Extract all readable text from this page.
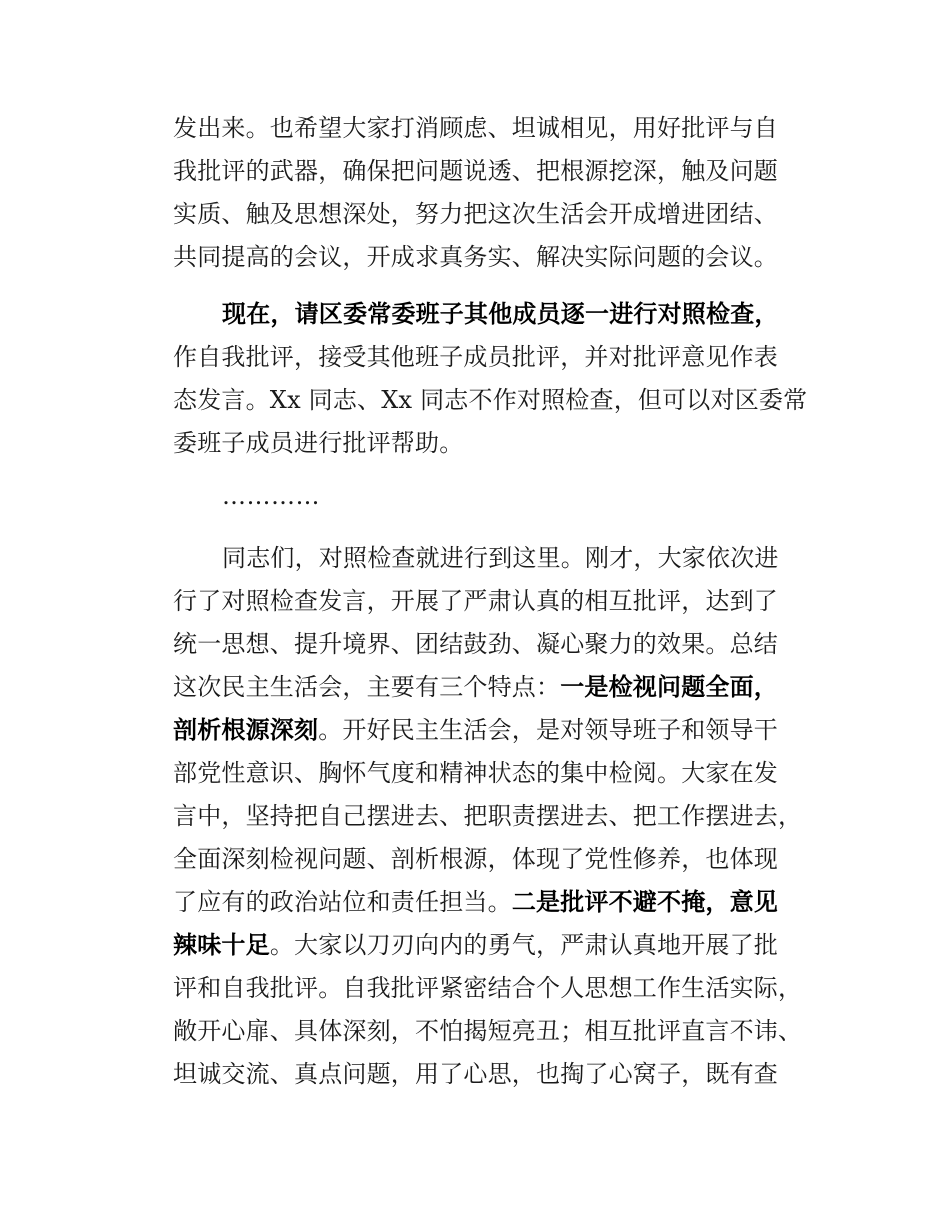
发出来。也希望大家打消顾虑、坦诚相见，用好批评与自
我批评的武器，确保把问题说透、把根源挖深，触及问题
实质、触及思想深处，努力把这次生活会开成增进团结、
共同提高的会议，开成求真务实、解决实际问题的会议。
现在，请区委常委班子其他成员逐一进行对照检查，
作自我批评，接受其他班子成员批评，并对批评意见作表
态发言。Xx 同志、Xx 同志不作对照检查，但可以对区委常
委班子成员进行批评帮助。
…………
同志们，对照检查就进行到这里。刚才，大家依次进
行了对照检查发言，开展了严肃认真的相互批评，达到了
统一思想、提升境界、团结鼓劲、凝心聚力的效果。总结
这次民主生活会，主要有三个特点：一是检视问题全面，
剖析根源深刻。开好民主生活会，是对领导班子和领导干
部党性意识、胸怀气度和精神状态的集中检阅。大家在发
言中，坚持把自己摆进去、把职责摆进去、把工作摆进去，
全面深刻检视问题、剖析根源，体现了党性修养，也体现
了应有的政治站位和责任担当。二是批评不避不掩，意见
辣味十足。大家以刀刃向内的勇气，严肃认真地开展了批
评和自我批评。自我批评紧密结合个人思想工作生活实际，
敞开心扉、具体深刻，不怕揭短亮丑；相互批评直言不讳、
坦诚交流、真点问题，用了心思，也掏了心窝子，既有查
